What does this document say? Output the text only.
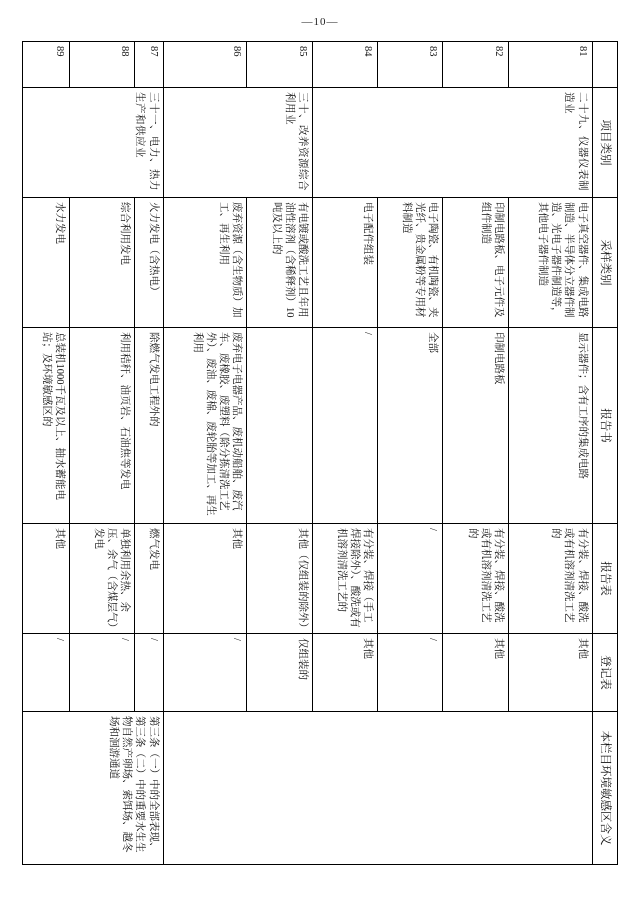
—10—
	项目类别	采样类别	报告书	报告表	登记表	本栏目环境敏感区含义
81	二十九、仪器仪表制造业	电子真空器件、集成电路制造、半导体分立器件制造、光电子器件制造等，其他电子器件制造	显示器件；含有工序的集成电路	有分装、焊接、酸洗或有机溶剂清洗工艺的	其他	
82		印制电路板、电子元件及组件制造	印制电路板	有分装、焊接、酸洗或有机溶剂清洗工艺的	其他	
83		电子陶瓷、有机陶瓷、夹光纤、贵金属粉等专用材料制造	全部	/	/	
84		电子配件组装	/	有分装、焊接（手工焊接除外）、酸洗或有机溶剂清洗工艺的	其他	
85	三十、改养资源综合利用业	有电镀或酸洗工艺且年用油性溶剂（含稀释剂）10吨及以上的		其他（仅组装的除外）	仅组装的	
86		废弃资源（含生物质）加工、再生利用	废弃电子电器产品、废机动船舶、废汽车、废橡胶、废塑料（除分拣清洗工艺外）、废油、废棉、废轮胎等加工、再生利用	其他	/	
87	三十一、电力、热力生产和供应业	火力发电（含热电）	除燃气发电工程外的	燃气发电	/	第三条（一）中的全部表现、第三条（二）中的重要水生生物自然产卵场、索饵场、越冬场和洄游通道
88		综合利用发电	利用秸秆、油页岩、石油焦等发电	单独利用余热、余压、余气（含煤层气）发电	/	
89		水力发电	总装机1000千瓦及以上、抽水蓄能电站；及环境敏感区的	其他	/	
